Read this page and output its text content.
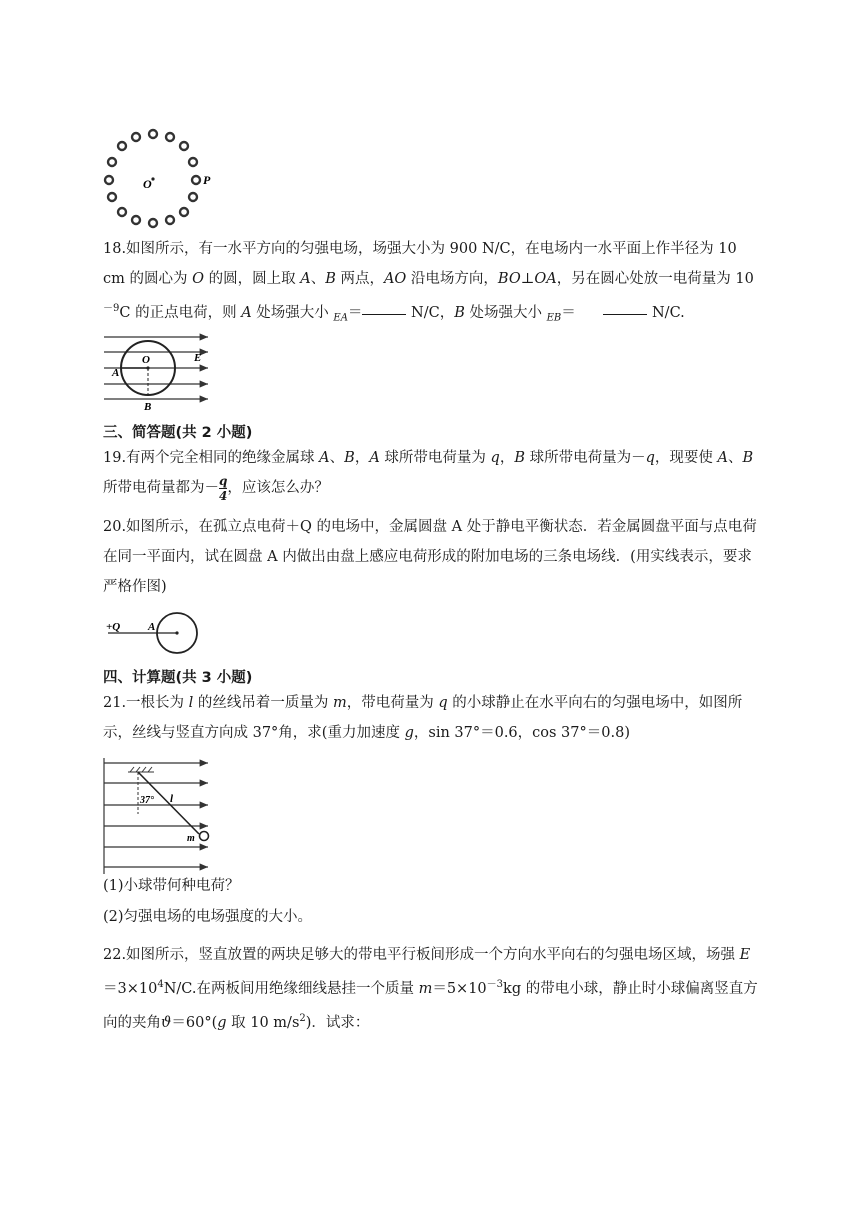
O	P

18.如图所示，有一水平方向的匀强电场，场强大小为 900 N/C，在电场内一水平面上作半径为 10 cm 的圆心为 O 的圆，圆上取 A、B 两点，AO 沿电场方向，BO⊥OA，另在圆心处放一电荷量为 $10^{-9}C$ 的正点电荷，则 A 处场强大小 $_{EA}$＝	N/C，B 处场强大小 $_{EB}$＝	N/C.

O
A
B
E
三、简答题(共 2 小题)

19.有两个完全相同的绝缘金属球 A、B，A 球所带电荷量为 q，B 球所带电荷量为－q，现要使 A、B 所带电荷量都为$-\frac{q}{4}$，应该怎么办？

20.如图所示，在孤立点电荷＋Q 的电场中，金属圆盘 A 处于静电平衡状态．若金属圆盘平面与点电荷在同一平面内，试在圆盘 A 内做出由盘上感应电荷形成的附加电场的三条电场线．(用实线表示，要求严格作图)

+Q	A
四、计算题(共 3 小题)

21.一根长为 l 的丝线吊着一质量为 m，带电荷量为 q 的小球静止在水平向右的匀强电场中，如图所示，丝线与竖直方向成 37°角，求(重力加速度 g，sin 37°＝0.6，cos 37°＝0.8)

37° l
m

(1)小球带何种电荷？

(2)匀强电场的电场强度的大小。

22.如图所示，竖直放置的两块足够大的带电平行板间形成一个方向水平向右的匀强电场区域，场强 $E=3\times 10^4N/C$.在两板间用绝缘细线悬挂一个质量 $m=5\times 10^{-3}kg$ 的带电小球，静止时小球偏离竖直方向的夹角ϑ＝60°(g 取 10 $m/s^2$)．试求：
